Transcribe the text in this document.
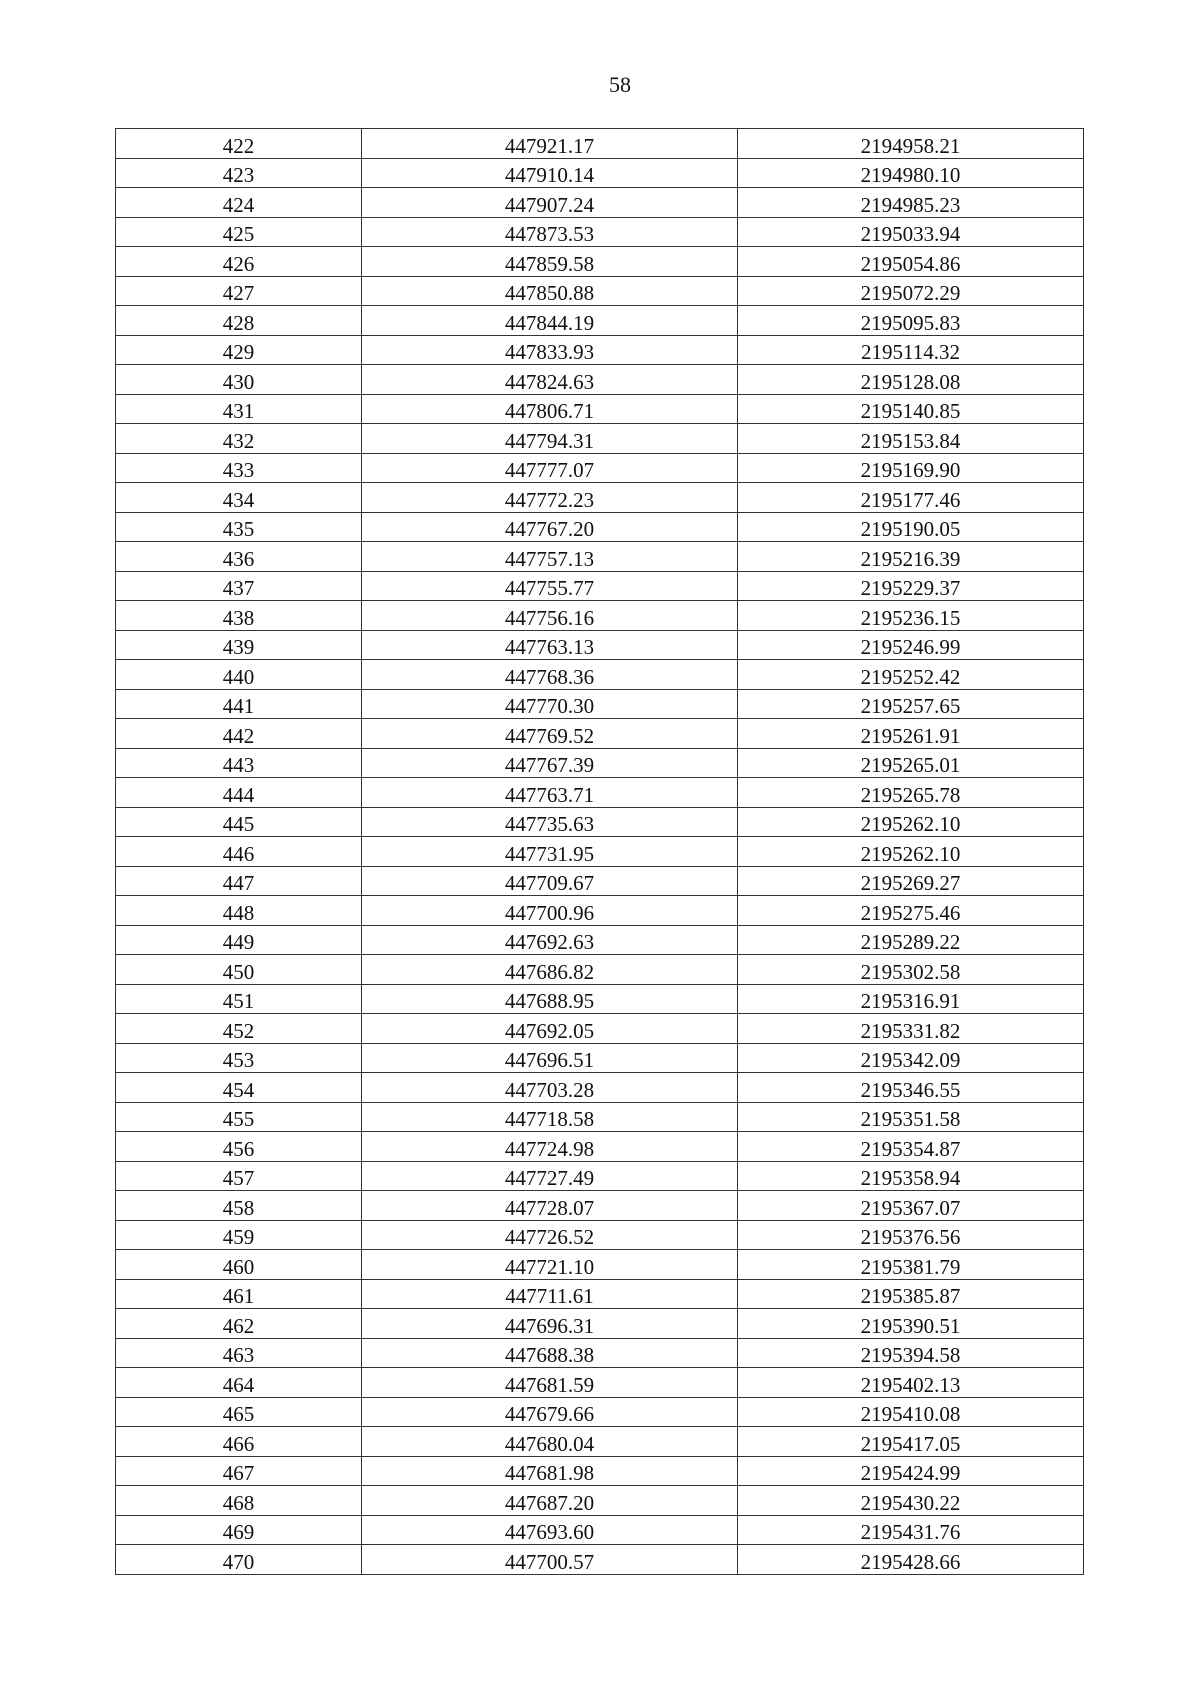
58
422	447921.17	2194958.21
423	447910.14	2194980.10
424	447907.24	2194985.23
425	447873.53	2195033.94
426	447859.58	2195054.86
427	447850.88	2195072.29
428	447844.19	2195095.83
429	447833.93	2195114.32
430	447824.63	2195128.08
431	447806.71	2195140.85
432	447794.31	2195153.84
433	447777.07	2195169.90
434	447772.23	2195177.46
435	447767.20	2195190.05
436	447757.13	2195216.39
437	447755.77	2195229.37
438	447756.16	2195236.15
439	447763.13	2195246.99
440	447768.36	2195252.42
441	447770.30	2195257.65
442	447769.52	2195261.91
443	447767.39	2195265.01
444	447763.71	2195265.78
445	447735.63	2195262.10
446	447731.95	2195262.10
447	447709.67	2195269.27
448	447700.96	2195275.46
449	447692.63	2195289.22
450	447686.82	2195302.58
451	447688.95	2195316.91
452	447692.05	2195331.82
453	447696.51	2195342.09
454	447703.28	2195346.55
455	447718.58	2195351.58
456	447724.98	2195354.87
457	447727.49	2195358.94
458	447728.07	2195367.07
459	447726.52	2195376.56
460	447721.10	2195381.79
461	447711.61	2195385.87
462	447696.31	2195390.51
463	447688.38	2195394.58
464	447681.59	2195402.13
465	447679.66	2195410.08
466	447680.04	2195417.05
467	447681.98	2195424.99
468	447687.20	2195430.22
469	447693.60	2195431.76
470	447700.57	2195428.66
